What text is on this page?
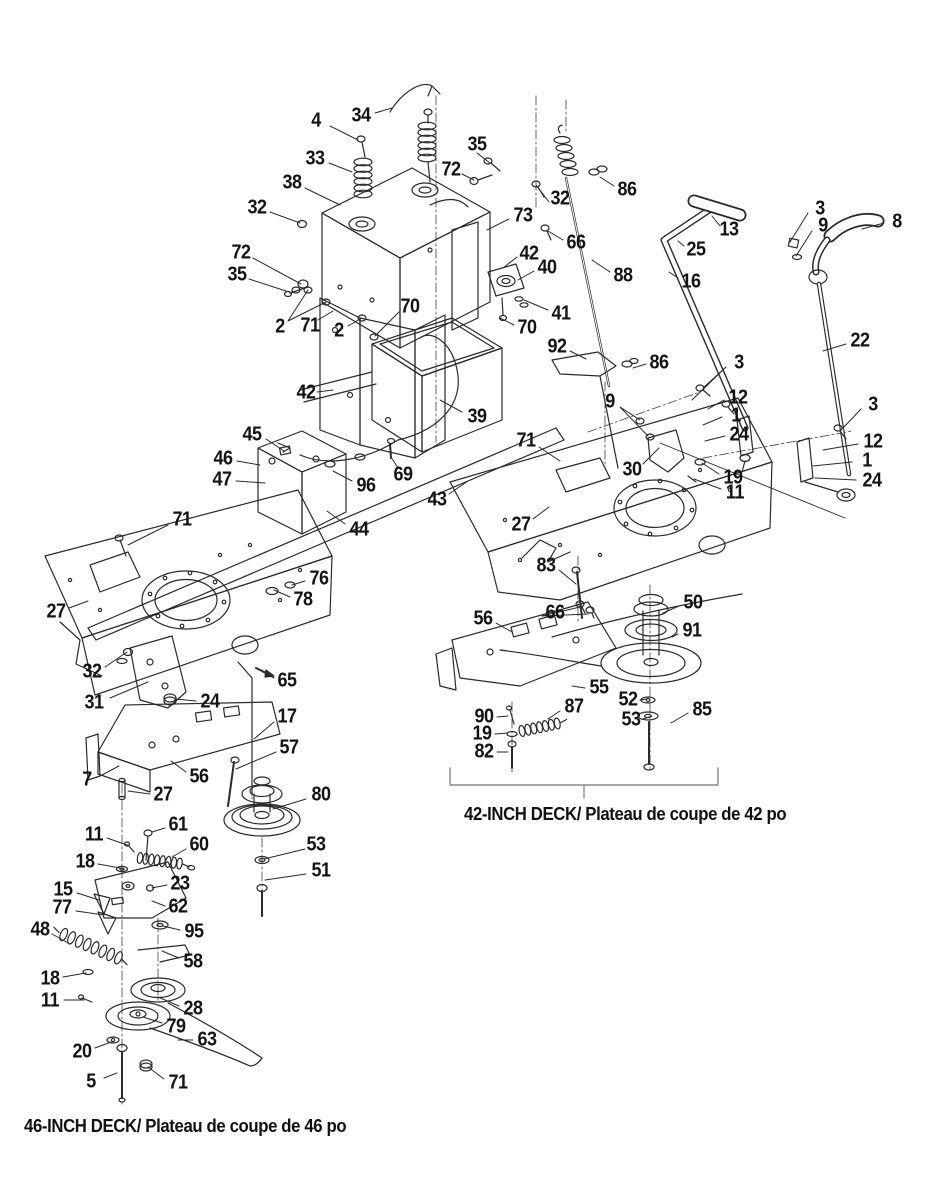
4 34
33
38
32
72
35
32
73
66
42
40
41
70
92
86
88
2 71 2
70
72
35
13
25
16
3
9	8
22
86	3
12
1
24
9
30	19
11
3
12
1
24
42
39
45
46
47	96 69
44
43
27
71
83
71
76
78
27
32
31	24
65
17
57
7	56
27	80
61
11
18
60
23
15
77	62
48	95
58
53
51
18
11	28
79
63
20
5	71
56	66	50
91
55
52
53	85
87
90
19
82
42-INCH DECK/ Plateau de coupe de 42 po
46-INCH DECK/ Plateau de coupe de 46 po
